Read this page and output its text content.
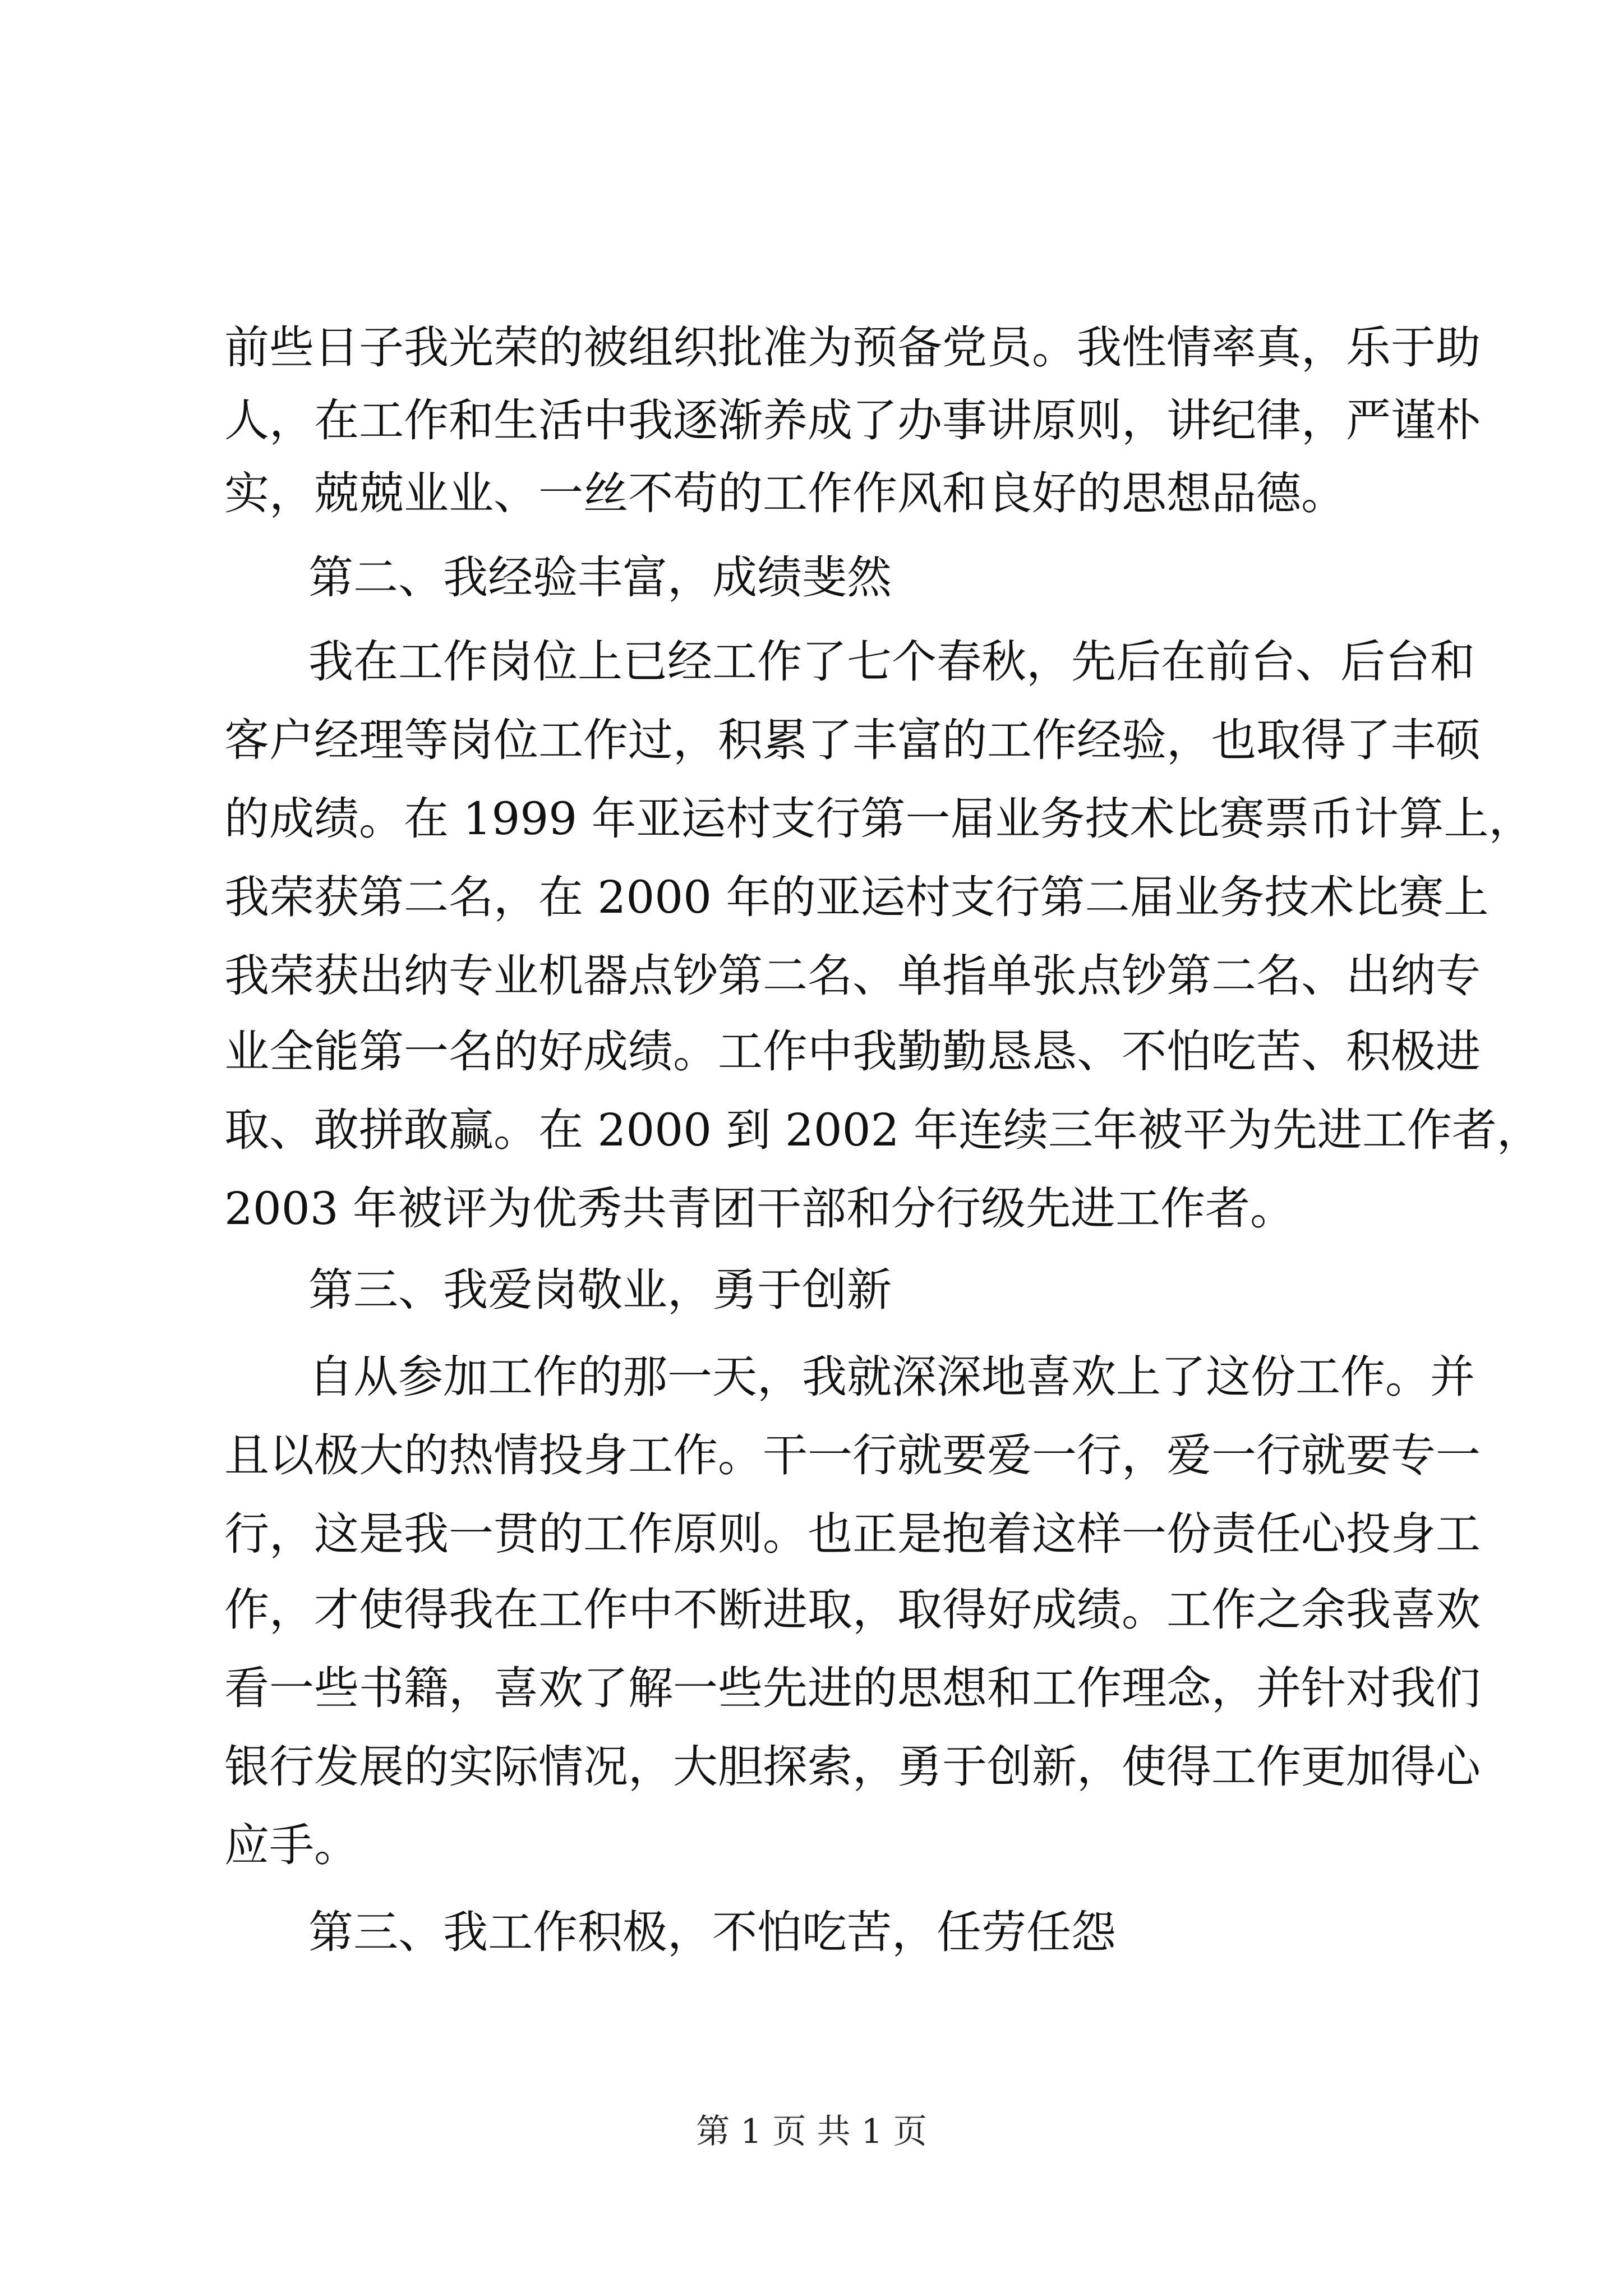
前些日子我光荣的被组织批准为预备党员。我性情率真，乐于助
人，在工作和生活中我逐渐养成了办事讲原则，讲纪律，严谨朴
实，兢兢业业、一丝不苟的工作作风和良好的思想品德。
第二、我经验丰富，成绩斐然
我在工作岗位上已经工作了七个春秋，先后在前台、后台和
客户经理等岗位工作过，积累了丰富的工作经验，也取得了丰硕
的成绩。在 1999 年亚运村支行第一届业务技术比赛票币计算上，
我荣获第二名，在 2000 年的亚运村支行第二届业务技术比赛上
我荣获出纳专业机器点钞第二名、单指单张点钞第二名、出纳专
业全能第一名的好成绩。工作中我勤勤恳恳、不怕吃苦、积极进
取、敢拼敢赢。在 2000 到 2002 年连续三年被平为先进工作者，
2003 年被评为优秀共青团干部和分行级先进工作者。
第三、我爱岗敬业，勇于创新
自从参加工作的那一天，我就深深地喜欢上了这份工作。并
且以极大的热情投身工作。干一行就要爱一行，爱一行就要专一
行，这是我一贯的工作原则。也正是抱着这样一份责任心投身工
作，才使得我在工作中不断进取，取得好成绩。工作之余我喜欢
看一些书籍，喜欢了解一些先进的思想和工作理念，并针对我们
银行发展的实际情况，大胆探索，勇于创新，使得工作更加得心
应手。
第三、我工作积极，不怕吃苦，任劳任怨
第 1 页 共 1 页
